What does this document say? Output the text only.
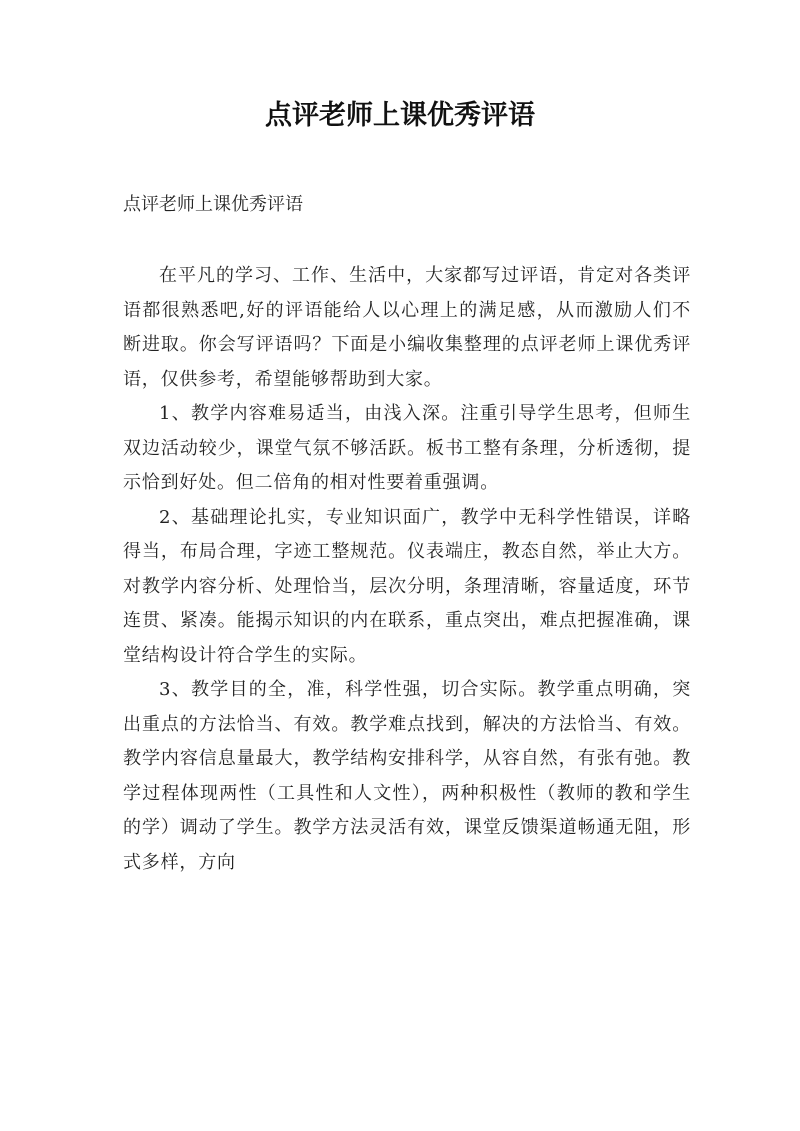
点评老师上课优秀评语
点评老师上课优秀评语

在平凡的学习、工作、生活中，大家都写过评语，肯定对各类评语都很熟悉吧,好的评语能给人以心理上的满足感，从而激励人们不断进取。你会写评语吗？下面是小编收集整理的点评老师上课优秀评语，仅供参考，希望能够帮助到大家。

1、教学内容难易适当，由浅入深。注重引导学生思考，但师生双边活动较少，课堂气氛不够活跃。板书工整有条理，分析透彻，提示恰到好处。但二倍角的相对性要着重强调。

2、基础理论扎实，专业知识面广，教学中无科学性错误，详略得当，布局合理，字迹工整规范。仪表端庄，教态自然，举止大方。对教学内容分析、处理恰当，层次分明，条理清晰，容量适度，环节连贯、紧凑。能揭示知识的内在联系，重点突出，难点把握准确，课堂结构设计符合学生的实际。

3、教学目的全，准，科学性强，切合实际。教学重点明确，突出重点的方法恰当、有效。教学难点找到，解决的方法恰当、有效。教学内容信息量最大，教学结构安排科学，从容自然，有张有弛。教学过程体现两性（工具性和人文性），两种积极性（教师的教和学生的学）调动了学生。教学方法灵活有效，课堂反馈渠道畅通无阻，形式多样，方向
